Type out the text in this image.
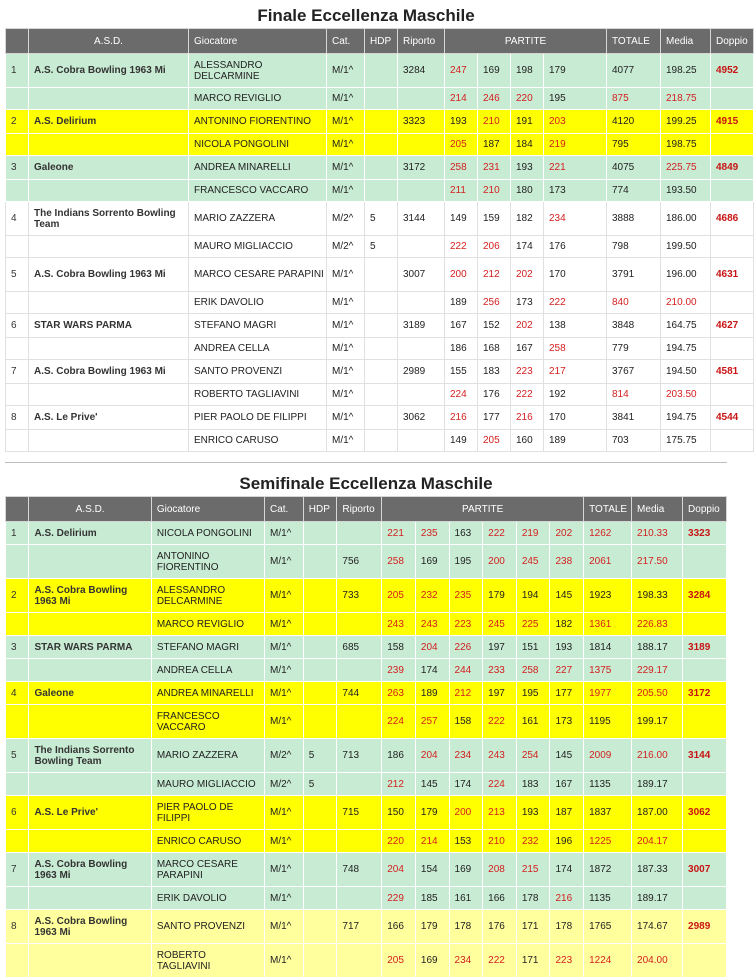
Finale Eccellenza Maschile
	A.S.D.	Giocatore	Cat.	HDP	Riporto	PARTITE				TOTALE	Media	Doppio
1	A.S. Cobra Bowling 1963 Mi	ALESSANDRO DELCARMINE	M/1^		3284	247	169	198	179	4077	198.25	4952
		MARCO REVIGLIO	M/1^			214	246	220	195	875	218.75	
2	A.S. Delirium	ANTONINO FIORENTINO	M/1^		3323	193	210	191	203	4120	199.25	4915
		NICOLA PONGOLINI	M/1^			205	187	184	219	795	198.75	
3	Galeone	ANDREA MINARELLI	M/1^		3172	258	231	193	221	4075	225.75	4849
		FRANCESCO VACCARO	M/1^			211	210	180	173	774	193.50	
4	The Indians Sorrento Bowling Team	MARIO ZAZZERA	M/2^	5	3144	149	159	182	234	3888	186.00	4686
		MAURO MIGLIACCIO	M/2^	5		222	206	174	176	798	199.50	
5	A.S. Cobra Bowling 1963 Mi	MARCO CESARE PARAPINI	M/1^		3007	200	212	202	170	3791	196.00	4631
		ERIK DAVOLIO	M/1^			189	256	173	222	840	210.00	
6	STAR WARS PARMA	STEFANO MAGRI	M/1^		3189	167	152	202	138	3848	164.75	4627
		ANDREA CELLA	M/1^			186	168	167	258	779	194.75	
7	A.S. Cobra Bowling 1963 Mi	SANTO PROVENZI	M/1^		2989	155	183	223	217	3767	194.50	4581
		ROBERTO TAGLIAVINI	M/1^			224	176	222	192	814	203.50	
8	A.S. Le Prive'	PIER PAOLO DE FILIPPI	M/1^		3062	216	177	216	170	3841	194.75	4544
		ENRICO CARUSO	M/1^			149	205	160	189	703	175.75	
Semifinale Eccellenza Maschile
	A.S.D.	Giocatore	Cat.	HDP	Riporto	PARTITE						TOTALE	Media	Doppio
1	A.S. Delirium	NICOLA PONGOLINI	M/1^			221	235	163	222	219	202	1262	210.33	3323
		ANTONINO FIORENTINO	M/1^		756	258	169	195	200	245	238	2061	217.50	
2	A.S. Cobra Bowling 1963 Mi	ALESSANDRO DELCARMINE	M/1^		733	205	232	235	179	194	145	1923	198.33	3284
		MARCO REVIGLIO	M/1^			243	243	223	245	225	182	1361	226.83	
3	STAR WARS PARMA	STEFANO MAGRI	M/1^		685	158	204	226	197	151	193	1814	188.17	3189
		ANDREA CELLA	M/1^			239	174	244	233	258	227	1375	229.17	
4	Galeone	ANDREA MINARELLI	M/1^		744	263	189	212	197	195	177	1977	205.50	3172
		FRANCESCO VACCARO	M/1^			224	257	158	222	161	173	1195	199.17	
5	The Indians Sorrento Bowling Team	MARIO ZAZZERA	M/2^	5	713	186	204	234	243	254	145	2009	216.00	3144
		MAURO MIGLIACCIO	M/2^	5		212	145	174	224	183	167	1135	189.17	
6	A.S. Le Prive'	PIER PAOLO DE FILIPPI	M/1^		715	150	179	200	213	193	187	1837	187.00	3062
		ENRICO CARUSO	M/1^			220	214	153	210	232	196	1225	204.17	
7	A.S. Cobra Bowling 1963 Mi	MARCO CESARE PARAPINI	M/1^		748	204	154	169	208	215	174	1872	187.33	3007
		ERIK DAVOLIO	M/1^			229	185	161	166	178	216	1135	189.17	
8	A.S. Cobra Bowling 1963 Mi	SANTO PROVENZI	M/1^		717	166	179	178	176	171	178	1765	174.67	2989
		ROBERTO TAGLIAVINI	M/1^			205	169	234	222	171	223	1224	204.00	
